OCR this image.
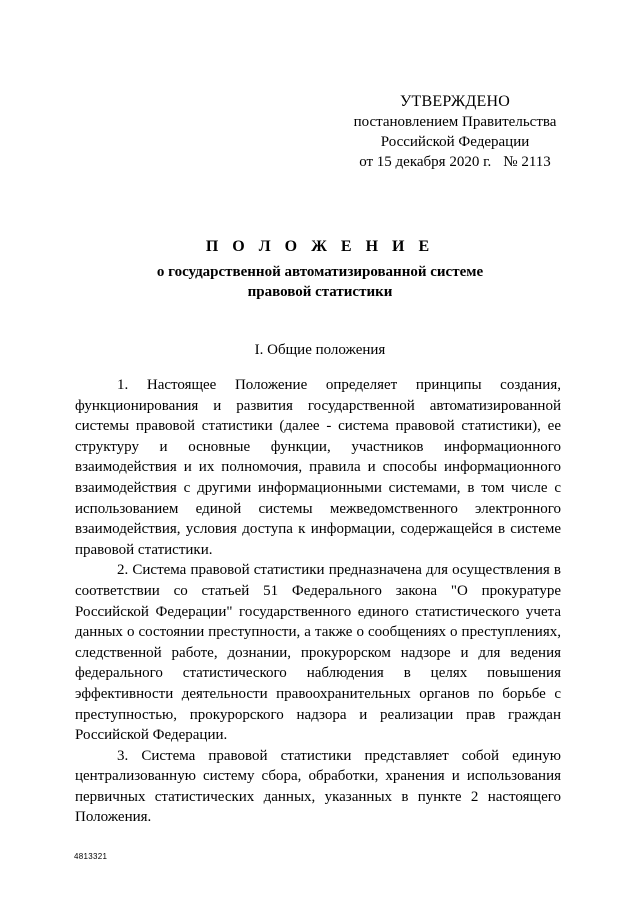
УТВЕРЖДЕНО
постановлением Правительства
Российской Федерации
от 15 декабря 2020 г. № 2113
П О Л О Ж Е Н И Е
о государственной автоматизированной системе
правовой статистики
I. Общие положения

1. Настоящее Положение определяет принципы создания, функционирования и развития государственной автоматизированной системы правовой статистики (далее - система правовой статистики), ее структуру и основные функции, участников информационного взаимодействия и их полномочия, правила и способы информационного взаимодействия с другими информационными системами, в том числе с использованием единой системы межведомственного электронного взаимодействия, условия доступа к информации, содержащейся в системе правовой статистики.

2. Система правовой статистики предназначена для осуществления в соответствии со статьей 51 Федерального закона "О прокуратуре Российской Федерации" государственного единого статистического учета данных о состоянии преступности, а также о сообщениях о преступлениях, следственной работе, дознании, прокурорском надзоре и для ведения федерального статистического наблюдения в целях повышения эффективности деятельности правоохранительных органов по борьбе с преступностью, прокурорского надзора и реализации прав граждан Российской Федерации.

3. Система правовой статистики представляет собой единую централизованную систему сбора, обработки, хранения и использования первичных статистических данных, указанных в пункте 2 настоящего Положения.

4813321
